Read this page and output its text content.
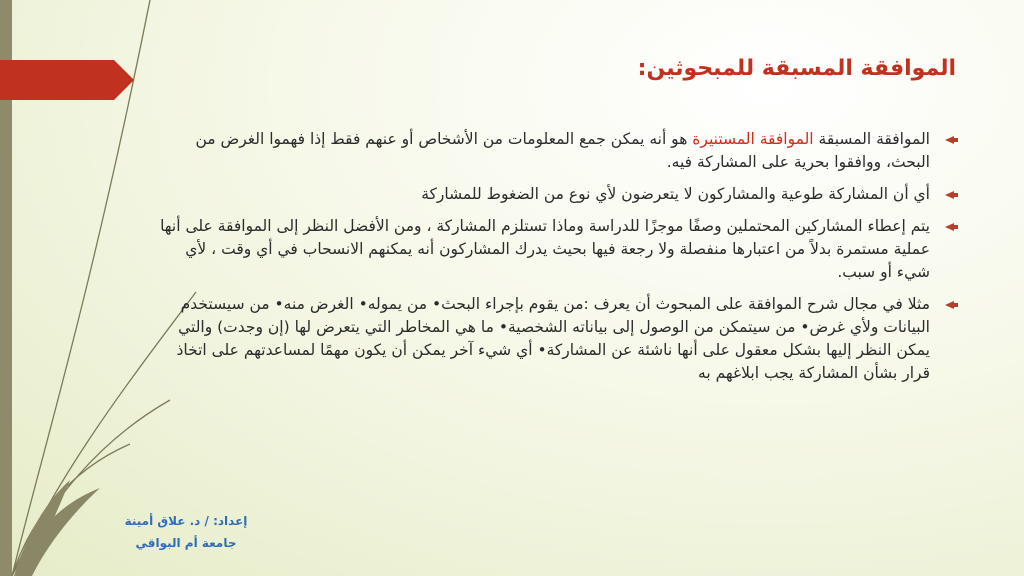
الموافقة المسبقة للمبحوثين:

الموافقة المسبقة الموافقة المستنيرة هو أنه يمكن جمع المعلومات من الأشخاص أو عنهم فقط إذا فهموا الغرض من البحث، ووافقوا بحرية على المشاركة فيه.

أي أن المشاركة طوعية والمشاركون لا يتعرضون لأي نوع من الضغوط للمشاركة

يتم إعطاء المشاركين المحتملين وصفًا موجزًا للدراسة وماذا تستلزم المشاركة ، ومن الأفضل النظر إلى الموافقة على أنها عملية مستمرة بدلاً من اعتبارها منفصلة ولا رجعة فيها بحيث يدرك المشاركون أنه يمكنهم الانسحاب في أي وقت ، لأي شيء أو سبب.

مثلا في مجال شرح الموافقة على المبحوث أن يعرف :من يقوم بإجراء البحث• من يموله• الغرض منه• من سيستخدم البيانات ولأي غرض• من سيتمكن من الوصول إلى بياناته الشخصية• ما هي المخاطر التي يتعرض لها (إن وجدت) والتي يمكن النظر إليها بشكل معقول على أنها ناشئة عن المشاركة• أي شيء آخر يمكن أن يكون مهمًا لمساعدتهم على اتخاذ قرار بشأن المشاركة يجب ابلاغهم به

إعداد: / د. علاق أمينة
جامعة أم البواقي
